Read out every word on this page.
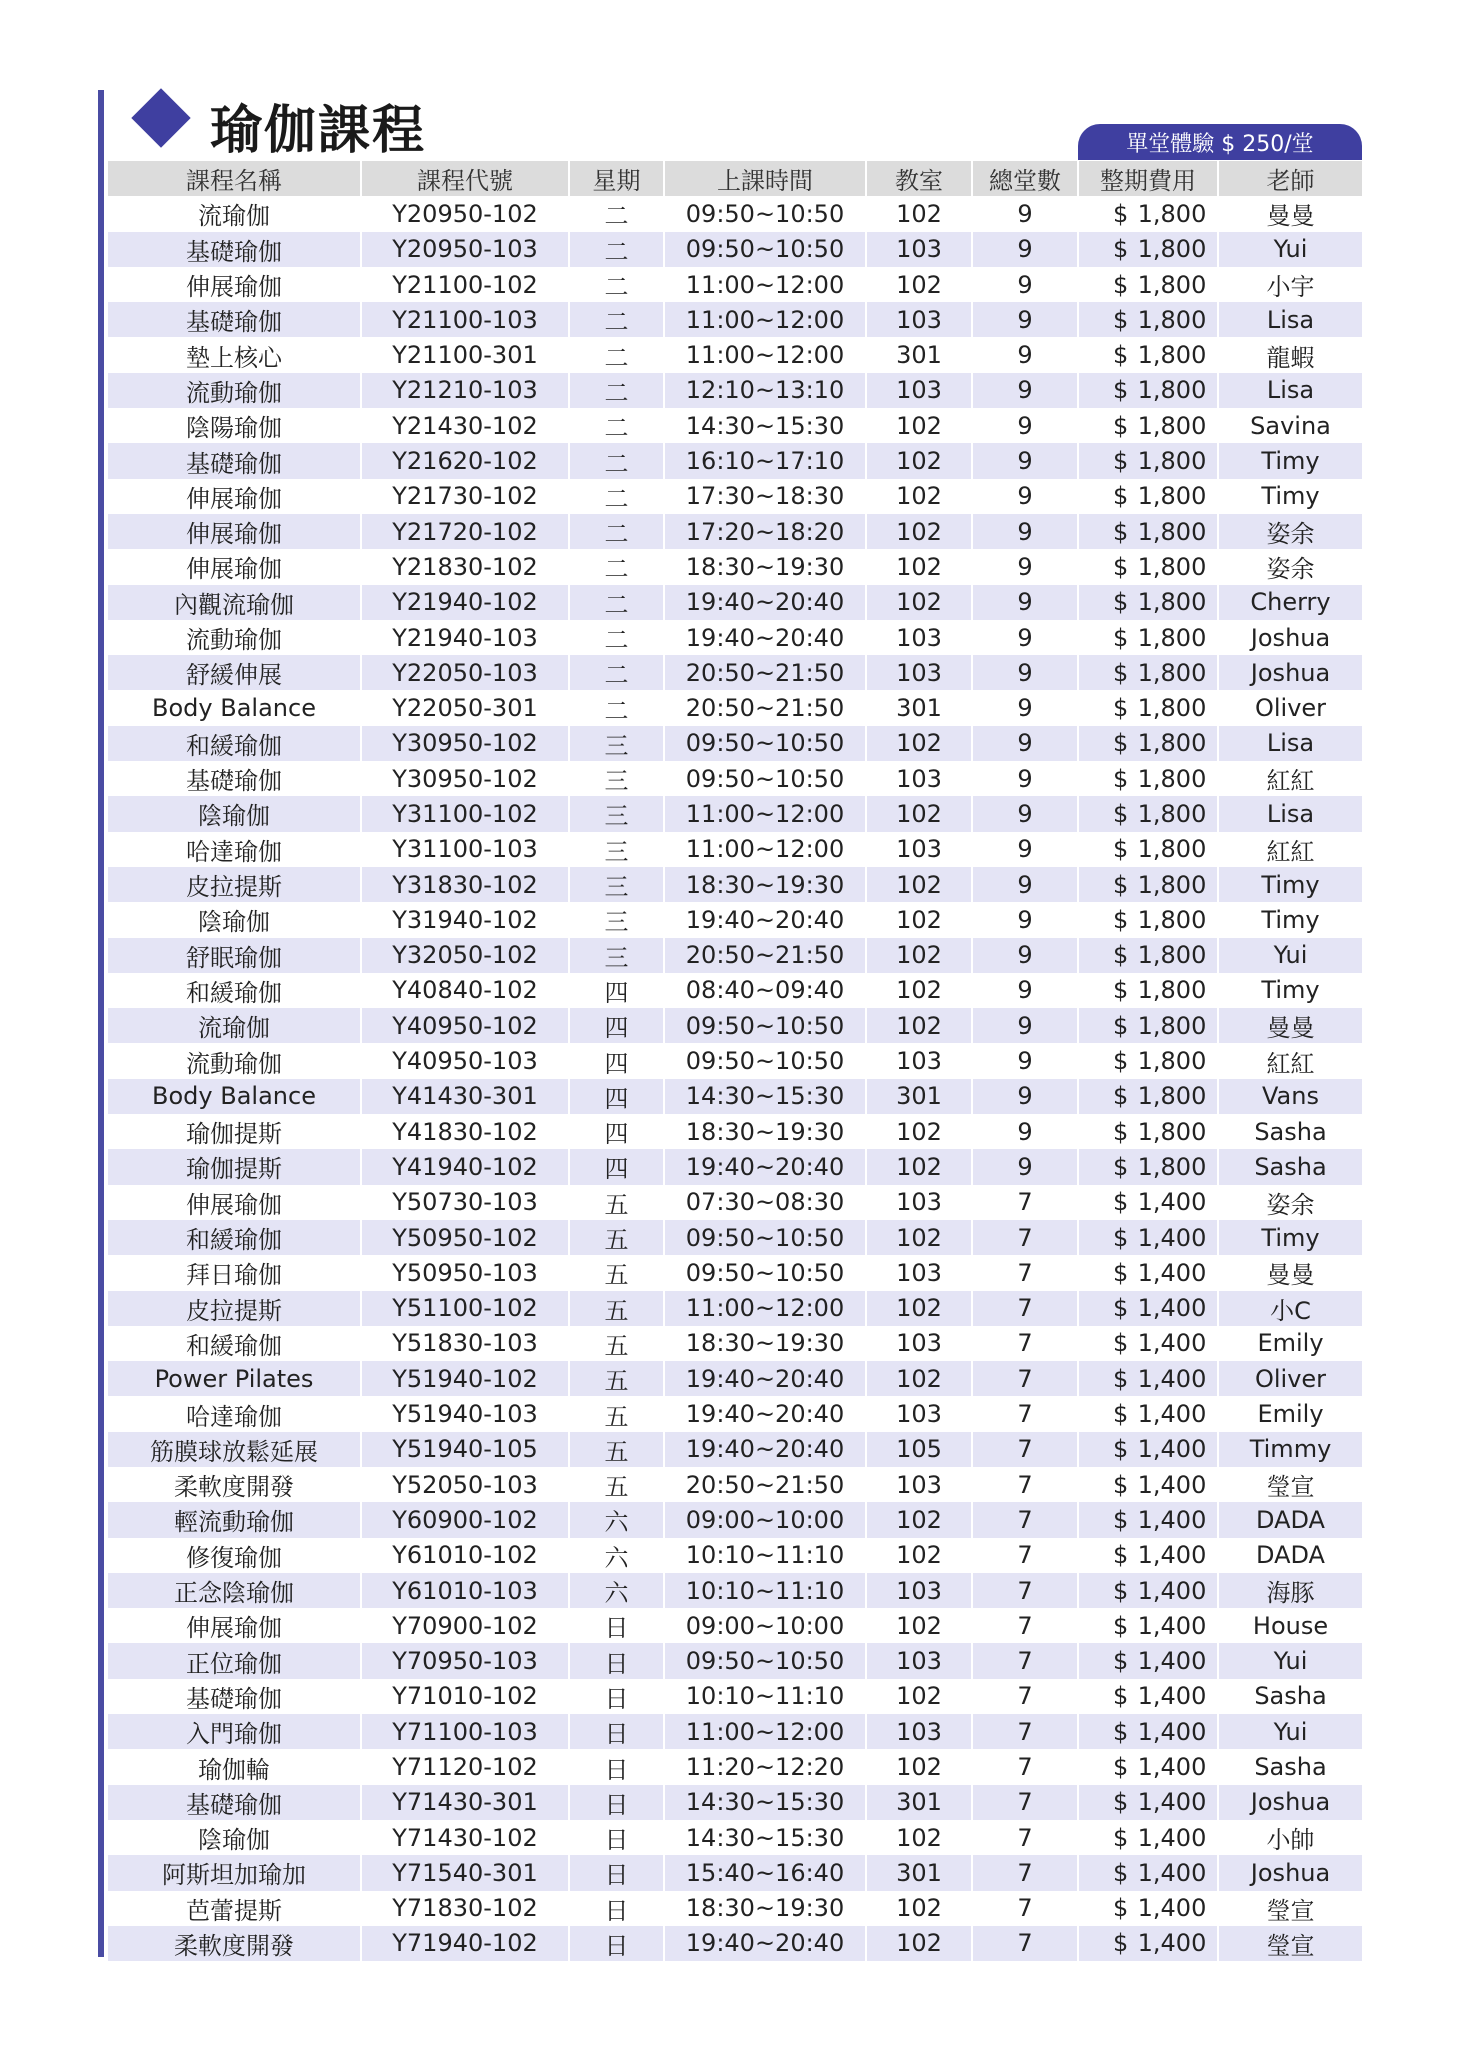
瑜伽課程	單堂體驗 $ 250/堂
課程名稱	課程代號	星期	上課時間	教室	總堂數	整期費用	老師
流瑜伽	Y20950-102	二	09:50~10:50	102	9	$ 1,800	曼曼
基礎瑜伽	Y20950-103	二	09:50~10:50	103	9	$ 1,800	Yui
伸展瑜伽	Y21100-102	二	11:00~12:00	102	9	$ 1,800	小宇
基礎瑜伽	Y21100-103	二	11:00~12:00	103	9	$ 1,800	Lisa
墊上核心	Y21100-301	二	11:00~12:00	301	9	$ 1,800	龍蝦
流動瑜伽	Y21210-103	二	12:10~13:10	103	9	$ 1,800	Lisa
陰陽瑜伽	Y21430-102	二	14:30~15:30	102	9	$ 1,800	Savina
基礎瑜伽	Y21620-102	二	16:10~17:10	102	9	$ 1,800	Timy
伸展瑜伽	Y21730-102	二	17:30~18:30	102	9	$ 1,800	Timy
伸展瑜伽	Y21720-102	二	17:20~18:20	102	9	$ 1,800	姿余
伸展瑜伽	Y21830-102	二	18:30~19:30	102	9	$ 1,800	姿余
內觀流瑜伽	Y21940-102	二	19:40~20:40	102	9	$ 1,800	Cherry
流動瑜伽	Y21940-103	二	19:40~20:40	103	9	$ 1,800	Joshua
舒緩伸展	Y22050-103	二	20:50~21:50	103	9	$ 1,800	Joshua
Body Balance	Y22050-301	二	20:50~21:50	301	9	$ 1,800	Oliver
和緩瑜伽	Y30950-102	三	09:50~10:50	102	9	$ 1,800	Lisa
基礎瑜伽	Y30950-102	三	09:50~10:50	103	9	$ 1,800	紅紅
陰瑜伽	Y31100-102	三	11:00~12:00	102	9	$ 1,800	Lisa
哈達瑜伽	Y31100-103	三	11:00~12:00	103	9	$ 1,800	紅紅
皮拉提斯	Y31830-102	三	18:30~19:30	102	9	$ 1,800	Timy
陰瑜伽	Y31940-102	三	19:40~20:40	102	9	$ 1,800	Timy
舒眠瑜伽	Y32050-102	三	20:50~21:50	102	9	$ 1,800	Yui
和緩瑜伽	Y40840-102	四	08:40~09:40	102	9	$ 1,800	Timy
流瑜伽	Y40950-102	四	09:50~10:50	102	9	$ 1,800	曼曼
流動瑜伽	Y40950-103	四	09:50~10:50	103	9	$ 1,800	紅紅
Body Balance	Y41430-301	四	14:30~15:30	301	9	$ 1,800	Vans
瑜伽提斯	Y41830-102	四	18:30~19:30	102	9	$ 1,800	Sasha
瑜伽提斯	Y41940-102	四	19:40~20:40	102	9	$ 1,800	Sasha
伸展瑜伽	Y50730-103	五	07:30~08:30	103	7	$ 1,400	姿余
和緩瑜伽	Y50950-102	五	09:50~10:50	102	7	$ 1,400	Timy
拜日瑜伽	Y50950-103	五	09:50~10:50	103	7	$ 1,400	曼曼
皮拉提斯	Y51100-102	五	11:00~12:00	102	7	$ 1,400	小C
和緩瑜伽	Y51830-103	五	18:30~19:30	103	7	$ 1,400	Emily
Power Pilates	Y51940-102	五	19:40~20:40	102	7	$ 1,400	Oliver
哈達瑜伽	Y51940-103	五	19:40~20:40	103	7	$ 1,400	Emily
筋膜球放鬆延展	Y51940-105	五	19:40~20:40	105	7	$ 1,400	Timmy
柔軟度開發	Y52050-103	五	20:50~21:50	103	7	$ 1,400	瑩宣
輕流動瑜伽	Y60900-102	六	09:00~10:00	102	7	$ 1,400	DADA
修復瑜伽	Y61010-102	六	10:10~11:10	102	7	$ 1,400	DADA
正念陰瑜伽	Y61010-103	六	10:10~11:10	103	7	$ 1,400	海豚
伸展瑜伽	Y70900-102	日	09:00~10:00	102	7	$ 1,400	House
正位瑜伽	Y70950-103	日	09:50~10:50	103	7	$ 1,400	Yui
基礎瑜伽	Y71010-102	日	10:10~11:10	102	7	$ 1,400	Sasha
入門瑜伽	Y71100-103	日	11:00~12:00	103	7	$ 1,400	Yui
瑜伽輪	Y71120-102	日	11:20~12:20	102	7	$ 1,400	Sasha
基礎瑜伽	Y71430-301	日	14:30~15:30	301	7	$ 1,400	Joshua
陰瑜伽	Y71430-102	日	14:30~15:30	102	7	$ 1,400	小帥
阿斯坦加瑜加	Y71540-301	日	15:40~16:40	301	7	$ 1,400	Joshua
芭蕾提斯	Y71830-102	日	18:30~19:30	102	7	$ 1,400	瑩宣
柔軟度開發	Y71940-102	日	19:40~20:40	102	7	$ 1,400	瑩宣
